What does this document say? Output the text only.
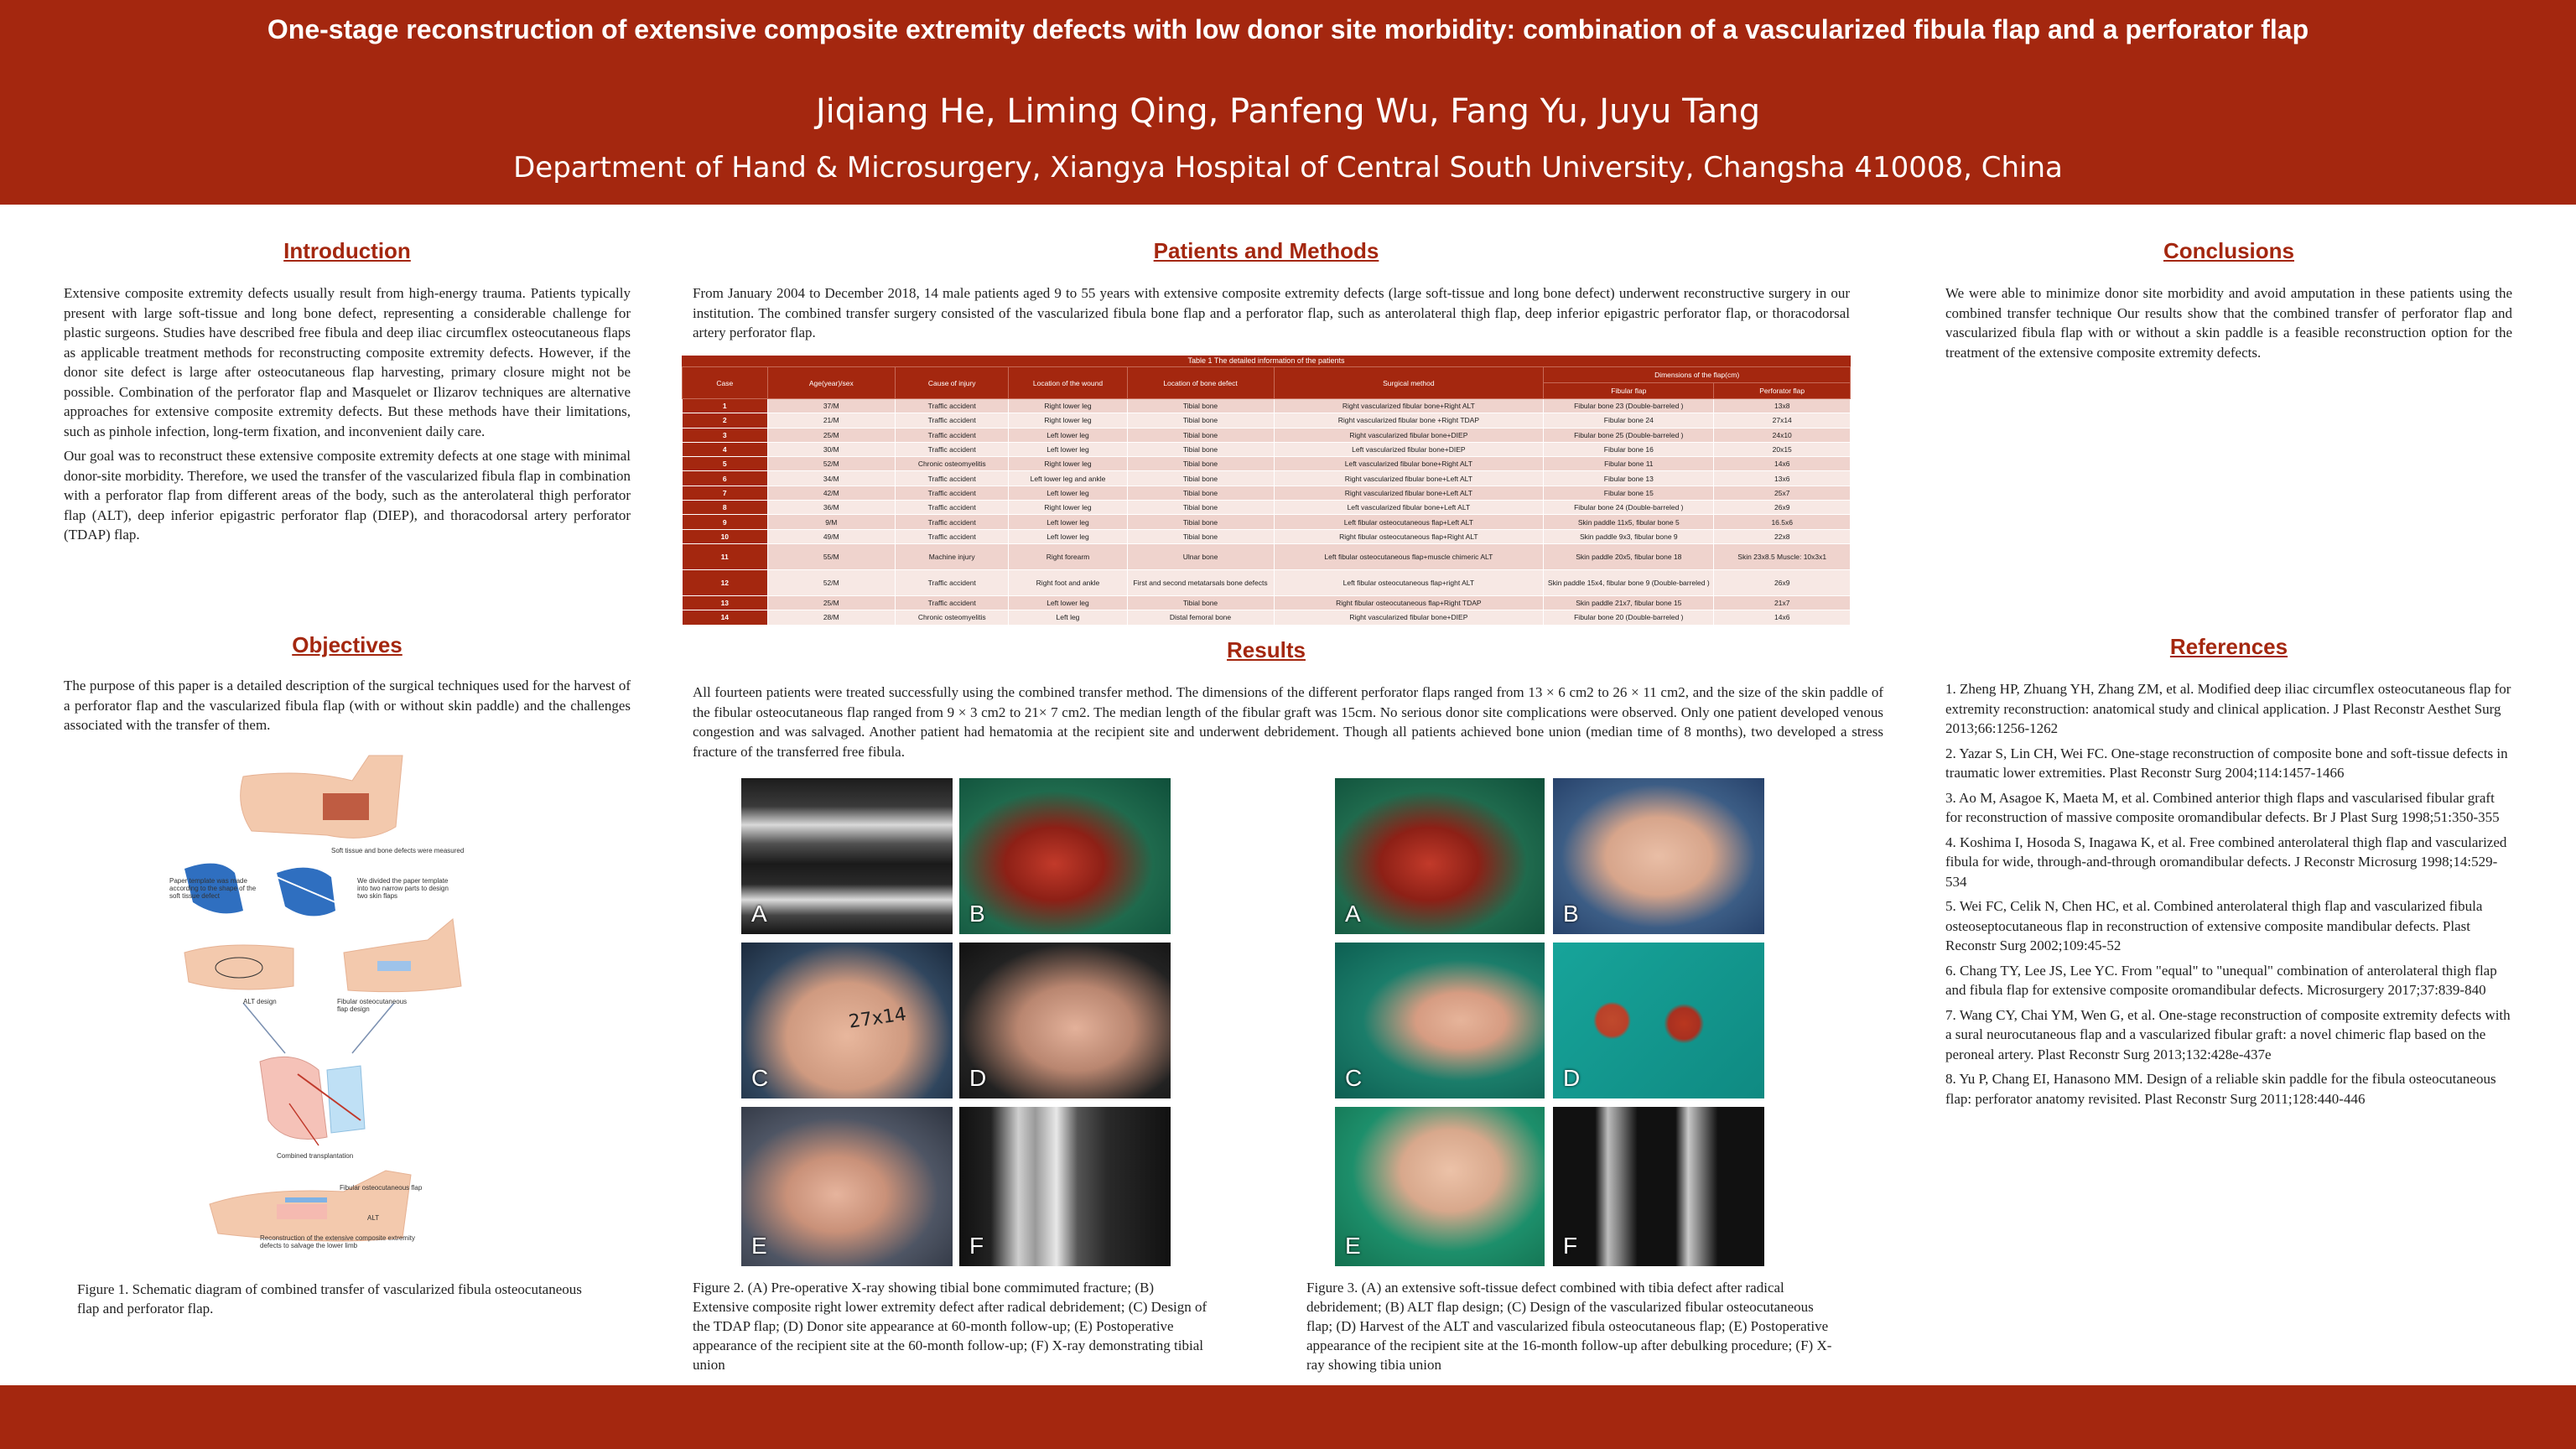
One-stage reconstruction of extensive composite extremity defects with low donor site morbidity: combination of a vascularized fibula flap and a perforator flap
Jiqiang He, Liming Qing, Panfeng Wu, Fang Yu, Juyu Tang
Department of Hand & Microsurgery, Xiangya Hospital of Central South University, Changsha 410008, China
Introduction

Extensive composite extremity defects usually result from high-energy trauma. Patients typically present with large soft-tissue and long bone defect, representing a considerable challenge for plastic surgeons. Studies have described free fibula and deep iliac circumflex osteocutaneous flaps as applicable treatment methods for reconstructing composite extremity defects. However, if the donor site defect is large after osteocutaneous flap harvesting, primary closure might not be possible. Combination of the perforator flap and Masquelet or Ilizarov techniques are alternative approaches for extensive composite extremity defects. But these methods have their limitations, such as pinhole infection, long-term fixation, and inconvenient daily care.

Our goal was to reconstruct these extensive composite extremity defects at one stage with minimal donor-site morbidity. Therefore, we used the transfer of the vascularized fibula flap in combination with a perforator flap from different areas of the body, such as the anterolateral thigh perforator flap (ALT), deep inferior epigastric perforator flap (DIEP), and thoracodorsal artery perforator (TDAP) flap.

Objectives
The purpose of this paper is a detailed description of the surgical techniques used for the harvest of a perforator flap and the vascularized fibula flap (with or without skin paddle) and the challenges associated with the transfer of them.
Soft tissue and bone defects were measured
Paper template was made according to the shape of the soft tissue defect
We divided the paper template into two narrow parts to design two skin flaps
ALT design	Fibular osteocutaneous flap design
Combined transplantation
Fibular osteocutaneous flap
ALT
Reconstruction of the extensive composite extremity defects to salvage the lower limb
Figure 1. Schematic diagram of combined transfer of vascularized fibula osteocutaneous flap and perforator flap.
Patients and Methods
From January 2004 to December 2018, 14 male patients aged 9 to 55 years with extensive composite extremity defects (large soft-tissue and long bone defect) underwent reconstructive surgery in our institution. The combined transfer surgery consisted of the vascularized fibula bone flap and a perforator flap, such as anterolateral thigh flap, deep inferior epigastric perforator flap, or thoracodorsal artery perforator flap.
Table 1 The detailed information of the patients
Case	Age(year)/sex	Cause of injury	Location of the wound	Location of bone defect	Surgical method	Dimensions of the flap(cm)	
						Fibular flap	Perforator flap
1	37/M	Traffic accident	Right lower leg	Tibial bone	Right vascularized fibular bone+Right ALT	Fibular bone 23 (Double-barreled )	13x8
2	21/M	Traffic accident	Right lower leg	Tibial bone	Right vascularized fibular bone +Right TDAP	Fibular bone 24	27x14
3	25/M	Traffic accident	Left lower leg	Tibial bone	Right vascularized fibular bone+DIEP	Fibular bone 25 (Double-barreled )	24x10
4	30/M	Traffic accident	Left lower leg	Tibial bone	Left vascularized fibular bone+DIEP	Fibular bone 16	20x15
5	52/M	Chronic osteomyelitis	Right lower leg	Tibial bone	Left vascularized fibular bone+Right ALT	Fibular bone 11	14x6
6	34/M	Traffic accident	Left lower leg and ankle	Tibial bone	Right vascularized fibular bone+Left ALT	Fibular bone 13	13x6
7	42/M	Traffic accident	Left lower leg	Tibial bone	Right vascularized fibular bone+Left ALT	Fibular bone 15	25x7
8	36/M	Traffic accident	Right lower leg	Tibial bone	Left vascularized fibular bone+Left ALT	Fibular bone 24 (Double-barreled )	26x9
9	9/M	Traffic accident	Left lower leg	Tibial bone	Left fibular osteocutaneous flap+Left ALT	Skin paddle 11x5, fibular bone 5	16.5x6
10	49/M	Traffic accident	Left lower leg	Tibial bone	Right fibular osteocutaneous flap+Right ALT	Skin paddle 9x3, fibular bone 9	22x8
11	55/M	Machine injury	Right forearm	Ulnar bone	Left fibular osteocutaneous flap+muscle chimeric ALT	Skin paddle 20x5, fibular bone 18	Skin 23x8.5 Muscle: 10x3x1
12	52/M	Traffic accident	Right foot and ankle	First and second metatarsals bone defects	Left fibular osteocutaneous flap+right ALT	Skin paddle 15x4, fibular bone 9 (Double-barreled )	26x9
13	25/M	Traffic accident	Left lower leg	Tibial bone	Right fibular osteocutaneous flap+Right TDAP	Skin paddle 21x7, fibular bone 15	21x7
14	28/M	Chronic osteomyelitis	Left leg	Distal femoral bone	Right vascularized fibular bone+DIEP	Fibular bone 20 (Double-barreled )	14x6
ALT, anterolateral thigh perforator flap ; TDAP, thoracodorsal artery perforator flap; DIEP, deep inferior epigastric artery perforator flap;
Results
All fourteen patients were treated successfully using the combined transfer method. The dimensions of the different perforator flaps ranged from 13 × 6 cm2 to 26 × 11 cm2, and the size of the skin paddle of the fibular osteocutaneous flap ranged from 9 × 3 cm2 to 21× 7 cm2. The median length of the fibular graft was 15cm. No serious donor site complications were observed. Only one patient developed venous congestion and was salvaged. Another patient had hematomia at the recipient site and underwent debridement. Though all patients achieved bone union (median time of 8 months), two developed a stress fracture of the transferred free fibula.
A	B
27x14
C	D
E	F
Figure 2. (A) Pre-operative X-ray showing tibial bone commimuted fracture; (B) Extensive composite right lower extremity defect after radical debridement; (C) Design of the TDAP flap; (D) Donor site appearance at 60-month follow-up; (E) Postoperative appearance of the recipient site at the 60-month follow-up; (F) X-ray demonstrating tibial union
A	B
C	D
E	F
Figure 3. (A) an extensive soft-tissue defect combined with tibia defect after radical debridement; (B) ALT flap design; (C) Design of the vascularized fibular osteocutaneous flap; (D) Harvest of the ALT and vascularized fibula osteocutaneous flap; (E) Postoperative appearance of the recipient site at the 16-month follow-up after debulking procedure; (F) X-ray showing tibia union
Conclusions
We were able to minimize donor site morbidity and avoid amputation in these patients using the combined transfer technique Our results show that the combined transfer of perforator flap and vascularized fibula flap with or without a skin paddle is a feasible reconstruction option for the treatment of the extensive composite extremity defects.
References

1. Zheng HP, Zhuang YH, Zhang ZM, et al. Modified deep iliac circumflex osteocutaneous flap for extremity reconstruction: anatomical study and clinical application. J Plast Reconstr Aesthet Surg 2013;66:1256-1262

2. Yazar S, Lin CH, Wei FC. One-stage reconstruction of composite bone and soft-tissue defects in traumatic lower extremities. Plast Reconstr Surg 2004;114:1457-1466

3. Ao M, Asagoe K, Maeta M, et al. Combined anterior thigh flaps and vascularised fibular graft for reconstruction of massive composite oromandibular defects. Br J Plast Surg 1998;51:350-355

4. Koshima I, Hosoda S, Inagawa K, et al. Free combined anterolateral thigh flap and vascularized fibula for wide, through-and-through oromandibular defects. J Reconstr Microsurg 1998;14:529-534

5. Wei FC, Celik N, Chen HC, et al. Combined anterolateral thigh flap and vascularized fibula osteoseptocutaneous flap in reconstruction of extensive composite mandibular defects. Plast Reconstr Surg 2002;109:45-52

6. Chang TY, Lee JS, Lee YC. From "equal" to "unequal" combination of anterolateral thigh flap and fibula flap for extensive composite oromandibular defects. Microsurgery 2017;37:839-840

7. Wang CY, Chai YM, Wen G, et al. One-stage reconstruction of composite extremity defects with a sural neurocutaneous flap and a vascularized fibular graft: a novel chimeric flap based on the peroneal artery. Plast Reconstr Surg 2013;132:428e-437e

8. Yu P, Chang EI, Hanasono MM. Design of a reliable skin paddle for the fibula osteocutaneous flap: perforator anatomy revisited. Plast Reconstr Surg 2011;128:440-446
